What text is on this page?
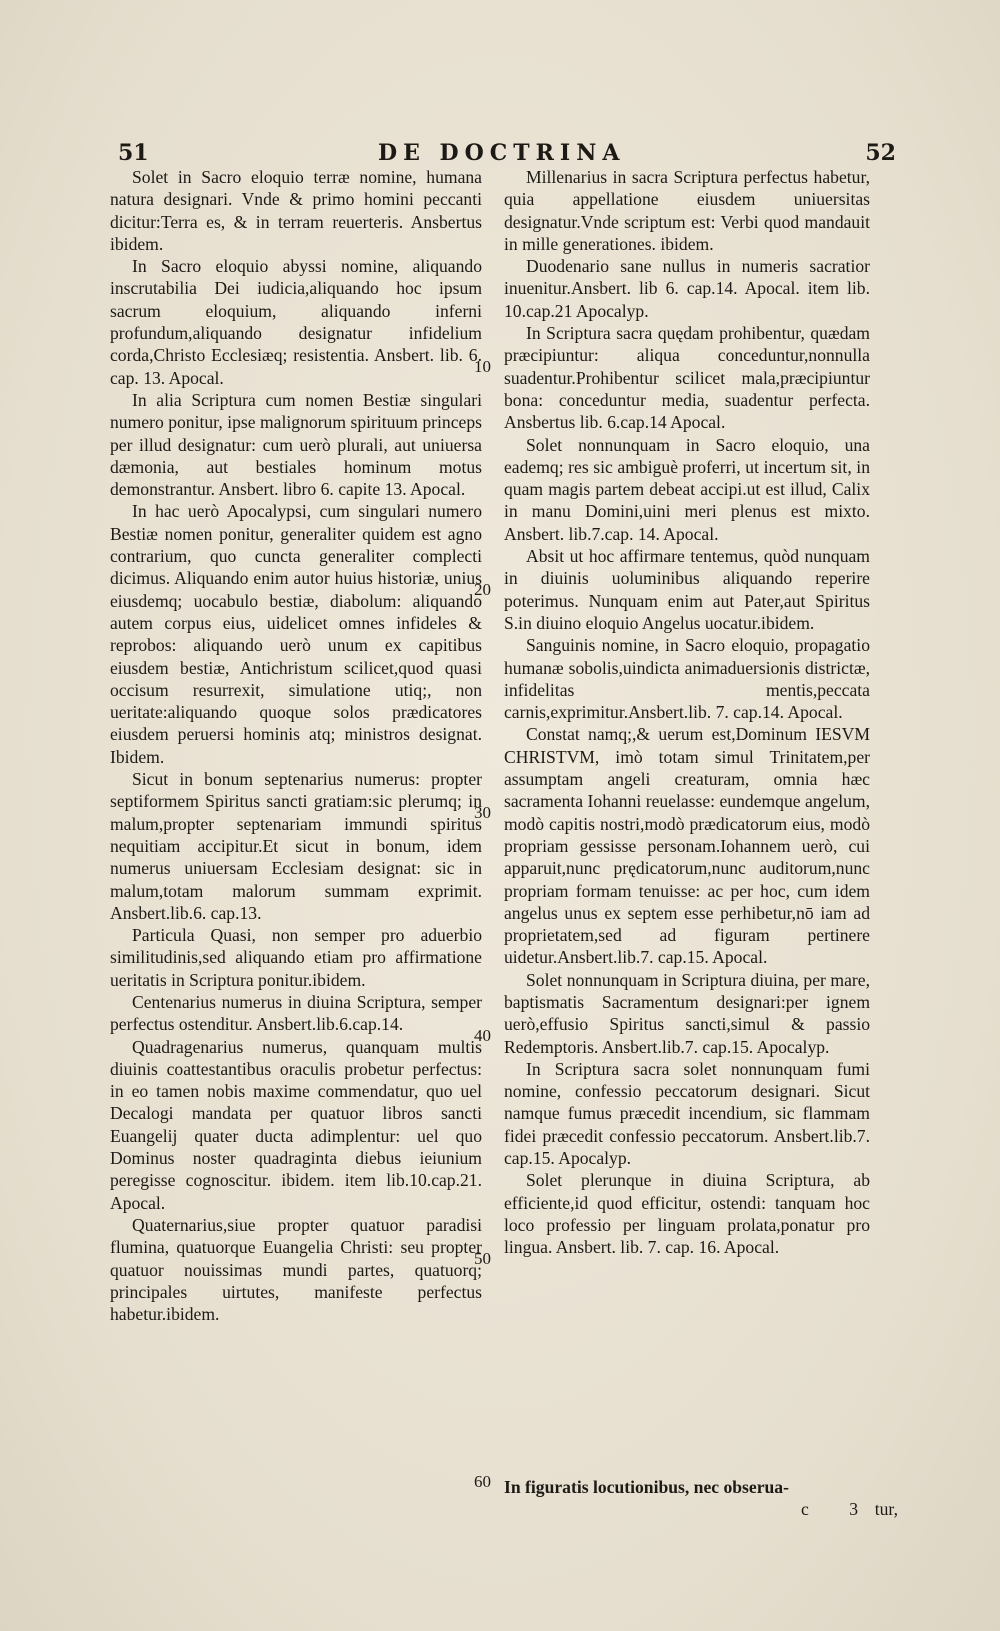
51	DE DOCTRINA	52

Solet in Sacro eloquio terræ nomine, humana natura designari. Vnde & primo homini peccanti dicitur:Terra es, & in terram reuerteris. Ansbertus ibidem.

In Sacro eloquio abyssi nomine, aliquando inscrutabilia Dei iudicia,aliquando hoc ipsum sacrum eloquium, aliquando inferni profundum,aliquando designatur infidelium corda,Christo Ecclesiæq; resistentia. Ansbert. lib. 6. cap. 13. Apocal.

In alia Scriptura cum nomen Bestiæ singulari numero ponitur, ipse malignorum spirituum princeps per illud designatur: cum uerò plurali, aut uniuersa dæmonia, aut bestiales hominum motus demonstrantur. Ansbert. libro 6. capite 13. Apocal.

In hac uerò Apocalypsi, cum singulari numero Bestiæ nomen ponitur, generaliter quidem est agno contrarium, quo cuncta generaliter complecti dicimus. Aliquando enim autor huius historiæ, unius eiusdemq; uocabulo bestiæ, diabolum: aliquando autem corpus eius, uidelicet omnes infideles & reprobos: aliquando uerò unum ex capitibus eiusdem bestiæ, Antichristum scilicet,quod quasi occisum resurrexit, simulatione utiq;, non ueritate:aliquando quoque solos prædicatores eiusdem peruersi hominis atq; ministros designat. Ibidem.

Sicut in bonum septenarius numerus: propter septiformem Spiritus sancti gratiam:sic plerumq; in malum,propter septenariam immundi spiritus nequitiam accipitur.Et sicut in bonum, idem numerus uniuersam Ecclesiam designat: sic in malum,totam malorum summam exprimit. Ansbert.lib.6. cap.13.

Particula Quasi, non semper pro aduerbio similitudinis,sed aliquando etiam pro affirmatione ueritatis in Scriptura ponitur.ibidem.

Centenarius numerus in diuina Scriptura, semper perfectus ostenditur. Ansbert.lib.6.cap.14.

Quadragenarius numerus, quanquam multis diuinis coattestantibus oraculis probetur perfectus: in eo tamen nobis maxime commendatur, quo uel Decalogi mandata per quatuor libros sancti Euangelij quater ducta adimplentur: uel quo Dominus noster quadraginta diebus ieiunium peregisse cognoscitur. ibidem. item lib.10.cap.21. Apocal.

Quaternarius,siue propter quatuor paradisi flumina, quatuorque Euangelia Christi: seu propter quatuor nouissimas mundi partes, quatuorq; principales uirtutes, manifeste perfectus habetur.ibidem.

10
20
30
40
50
60

Millenarius in sacra Scriptura perfectus habetur, quia appellatione eiusdem uniuersitas designatur.Vnde scriptum est: Verbi quod mandauit in mille generationes. ibidem.

Duodenario sane nullus in numeris sacratior inuenitur.Ansbert. lib 6. cap.14. Apocal. item lib. 10.cap.21 Apocalyp.

In Scriptura sacra quędam prohibentur, quædam præcipiuntur: aliqua conceduntur,nonnulla suadentur.Prohibentur scilicet mala,præcipiuntur bona: conceduntur media, suadentur perfecta. Ansbertus lib. 6.cap.14 Apocal.

Solet nonnunquam in Sacro eloquio, una eademq; res sic ambiguè proferri, ut incertum sit, in quam magis partem debeat accipi.ut est illud, Calix in manu Domini,uini meri plenus est mixto. Ansbert. lib.7.cap. 14. Apocal.

Absit ut hoc affirmare tentemus, quòd nunquam in diuinis uoluminibus aliquando reperire poterimus. Nunquam enim aut Pater,aut Spiritus S.in diuino eloquio Angelus uocatur.ibidem.

Sanguinis nomine, in Sacro eloquio, propagatio humanæ sobolis,uindicta animaduersionis districtæ, infidelitas mentis,peccata carnis,exprimitur.Ansbert.lib. 7. cap.14. Apocal.

Constat namq;,& uerum est,Dominum IESVM CHRISTVM, imò totam simul Trinitatem,per assumptam angeli creaturam, omnia hæc sacramenta Iohanni reuelasse: eundemque angelum, modò capitis nostri,modò prædicatorum eius, modò propriam gessisse personam.Iohannem uerò, cui apparuit,nunc prędicatorum,nunc auditorum,nunc propriam formam tenuisse: ac per hoc, cum idem angelus unus ex septem esse perhibetur,nō iam ad proprietatem,sed ad figuram pertinere uidetur.Ansbert.lib.7. cap.15. Apocal.

Solet nonnunquam in Scriptura diuina, per mare, baptismatis Sacramentum designari:per ignem uerò,effusio Spiritus sancti,simul & passio Redemptoris. Ansbert.lib.7. cap.15. Apocalyp.

In Scriptura sacra solet nonnunquam fumi nomine, confessio peccatorum designari. Sicut namque fumus præcedit incendium, sic flammam fidei præcedit confessio peccatorum. Ansbert.lib.7. cap.15. Apocalyp.

Solet plerunque in diuina Scriptura, ab efficiente,id quod efficitur, ostendi: tanquam hoc loco professio per linguam prolata,ponatur pro lingua. Ansbert. lib. 7. cap. 16. Apocal.

In figuratis locutionibus, nec obserua-
c 3
tur,
